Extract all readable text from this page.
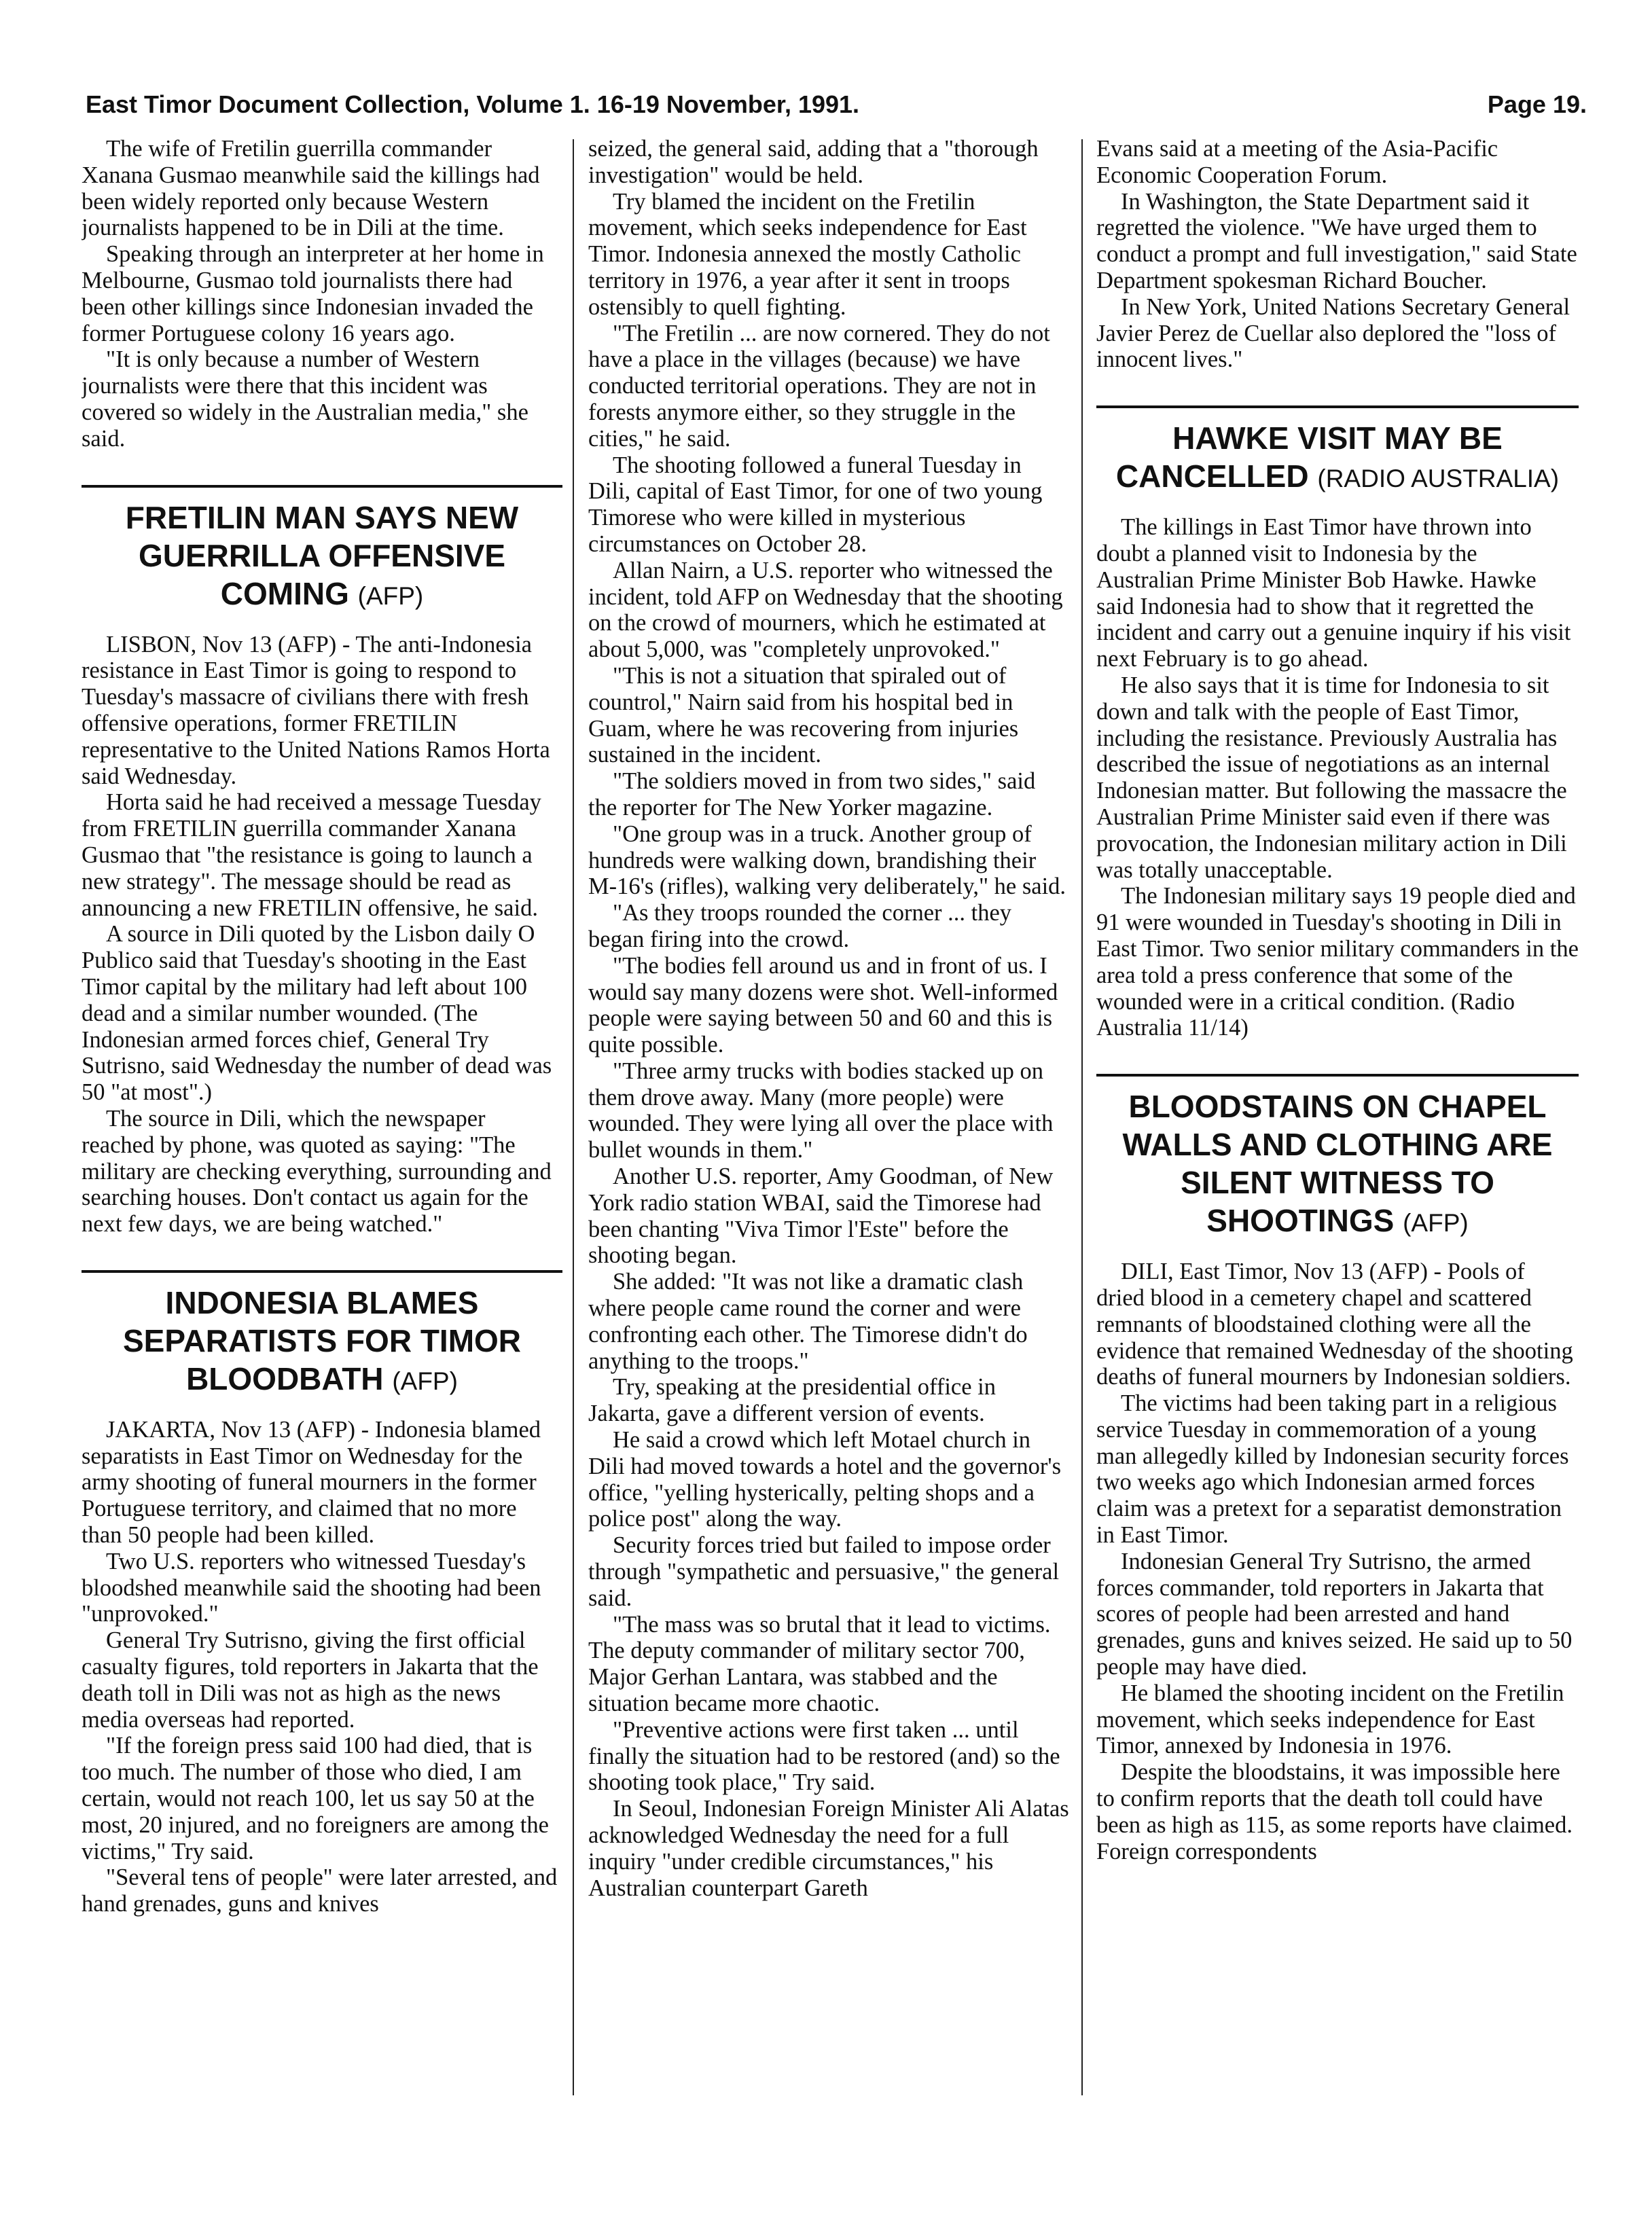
East Timor Document Collection, Volume 1. 16-19 November, 1991.	Page 19.

The wife of Fretilin guerrilla commander Xanana Gusmao meanwhile said the killings had been widely reported only because Western journalists happened to be in Dili at the time.

Speaking through an interpreter at her home in Melbourne, Gusmao told journalists there had been other killings since Indonesian invaded the former Portuguese colony 16 years ago.

"It is only because a number of Western journalists were there that this incident was covered so widely in the Australian media," she said.

FRETILIN MAN SAYS NEW GUERRILLA OFFENSIVE COMING (AFP)

LISBON, Nov 13 (AFP) - The anti-Indonesia resistance in East Timor is going to respond to Tuesday's massacre of civilians there with fresh offensive operations, former FRETILIN representative to the United Nations Ramos Horta said Wednesday.

Horta said he had received a message Tuesday from FRETILIN guerrilla commander Xanana Gusmao that "the resistance is going to launch a new strategy". The message should be read as announcing a new FRETILIN offensive, he said.

A source in Dili quoted by the Lisbon daily O Publico said that Tuesday's shooting in the East Timor capital by the military had left about 100 dead and a similar number wounded. (The Indonesian armed forces chief, General Try Sutrisno, said Wednesday the number of dead was 50 "at most".)

The source in Dili, which the newspaper reached by phone, was quoted as saying: "The military are checking everything, surrounding and searching houses. Don't contact us again for the next few days, we are being watched."

INDONESIA BLAMES SEPARATISTS FOR TIMOR BLOODBATH (AFP)

JAKARTA, Nov 13 (AFP) - Indonesia blamed separatists in East Timor on Wednesday for the army shooting of funeral mourners in the former Portuguese territory, and claimed that no more than 50 people had been killed.

Two U.S. reporters who witnessed Tuesday's bloodshed meanwhile said the shooting had been "unprovoked."

General Try Sutrisno, giving the first official casualty figures, told reporters in Jakarta that the death toll in Dili was not as high as the news media overseas had reported.

"If the foreign press said 100 had died, that is too much. The number of those who died, I am certain, would not reach 100, let us say 50 at the most, 20 injured, and no foreigners are among the victims," Try said.

"Several tens of people" were later arrested, and hand grenades, guns and knives

seized, the general said, adding that a "thorough investigation" would be held.

Try blamed the incident on the Fretilin movement, which seeks independence for East Timor. Indonesia annexed the mostly Catholic territory in 1976, a year after it sent in troops ostensibly to quell fighting.

"The Fretilin ... are now cornered. They do not have a place in the villages (because) we have conducted territorial operations. They are not in forests anymore either, so they struggle in the cities," he said.

The shooting followed a funeral Tuesday in Dili, capital of East Timor, for one of two young Timorese who were killed in mysterious circumstances on October 28.

Allan Nairn, a U.S. reporter who witnessed the incident, told AFP on Wednesday that the shooting on the crowd of mourners, which he estimated at about 5,000, was "completely unprovoked."

"This is not a situation that spiraled out of countrol," Nairn said from his hospital bed in Guam, where he was recovering from injuries sustained in the incident.

"The soldiers moved in from two sides," said the reporter for The New Yorker magazine.

"One group was in a truck. Another group of hundreds were walking down, brandishing their M-16's (rifles), walking very deliberately," he said.

"As they troops rounded the corner ... they began firing into the crowd.

"The bodies fell around us and in front of us. I would say many dozens were shot. Well-informed people were saying between 50 and 60 and this is quite possible.

"Three army trucks with bodies stacked up on them drove away. Many (more people) were wounded. They were lying all over the place with bullet wounds in them."

Another U.S. reporter, Amy Goodman, of New York radio station WBAI, said the Timorese had been chanting "Viva Timor l'Este" before the shooting began.

She added: "It was not like a dramatic clash where people came round the corner and were confronting each other. The Timorese didn't do anything to the troops."

Try, speaking at the presidential office in Jakarta, gave a different version of events.

He said a crowd which left Motael church in Dili had moved towards a hotel and the governor's office, "yelling hysterically, pelting shops and a police post" along the way.

Security forces tried but failed to impose order through "sympathetic and persuasive," the general said.

"The mass was so brutal that it lead to victims. The deputy commander of military sector 700, Major Gerhan Lantara, was stabbed and the situation became more chaotic.

"Preventive actions were first taken ... until finally the situation had to be restored (and) so the shooting took place," Try said.

In Seoul, Indonesian Foreign Minister Ali Alatas acknowledged Wednesday the need for a full inquiry "under credible circumstances," his Australian counterpart Gareth

Evans said at a meeting of the Asia-Pacific Economic Cooperation Forum.

In Washington, the State Department said it regretted the violence. "We have urged them to conduct a prompt and full investigation," said State Department spokesman Richard Boucher.

In New York, United Nations Secretary General Javier Perez de Cuellar also deplored the "loss of innocent lives."

HAWKE VISIT MAY BE CANCELLED (RADIO AUSTRALIA)

The killings in East Timor have thrown into doubt a planned visit to Indonesia by the Australian Prime Minister Bob Hawke. Hawke said Indonesia had to show that it regretted the incident and carry out a genuine inquiry if his visit next February is to go ahead.

He also says that it is time for Indonesia to sit down and talk with the people of East Timor, including the resistance. Previously Australia has described the issue of negotiations as an internal Indonesian matter. But following the massacre the Australian Prime Minister said even if there was provocation, the Indonesian military action in Dili was totally unacceptable.

The Indonesian military says 19 people died and 91 were wounded in Tuesday's shooting in Dili in East Timor. Two senior military commanders in the area told a press conference that some of the wounded were in a critical condition. (Radio Australia 11/14)

BLOODSTAINS ON CHAPEL WALLS AND CLOTHING ARE SILENT WITNESS TO SHOOTINGS (AFP)

DILI, East Timor, Nov 13 (AFP) - Pools of dried blood in a cemetery chapel and scattered remnants of bloodstained clothing were all the evidence that remained Wednesday of the shooting deaths of funeral mourners by Indonesian soldiers.

The victims had been taking part in a religious service Tuesday in commemoration of a young man allegedly killed by Indonesian security forces two weeks ago which Indonesian armed forces claim was a pretext for a separatist demonstration in East Timor.

Indonesian General Try Sutrisno, the armed forces commander, told reporters in Jakarta that scores of people had been arrested and hand grenades, guns and knives seized. He said up to 50 people may have died.

He blamed the shooting incident on the Fretilin movement, which seeks independence for East Timor, annexed by Indonesia in 1976.

Despite the bloodstains, it was impossible here to confirm reports that the death toll could have been as high as 115, as some reports have claimed. Foreign correspondents
